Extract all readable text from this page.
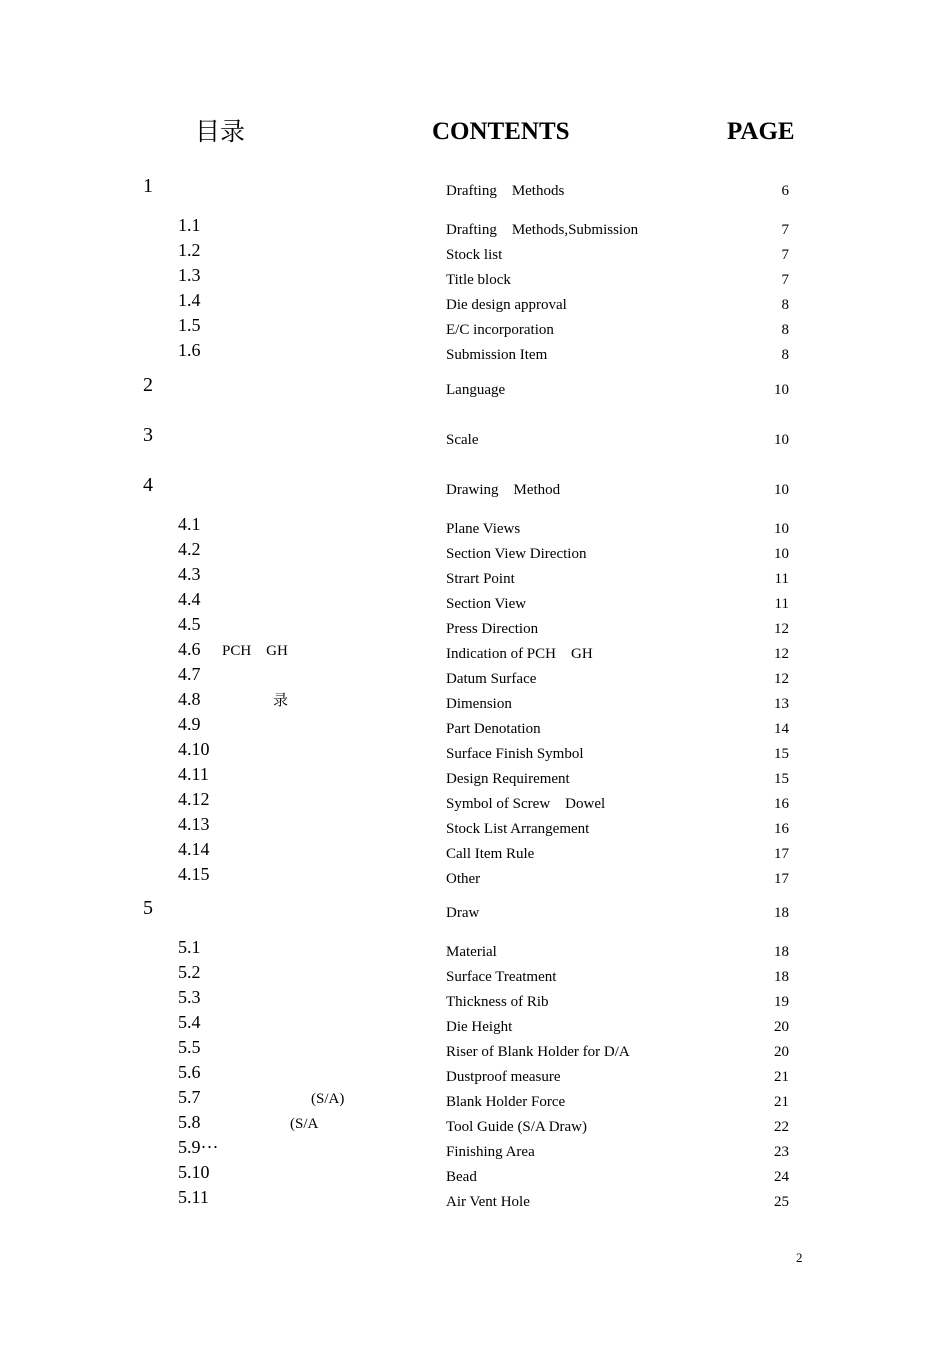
目录	CONTENTS	PAGE
1	Drafting    Methods	6
1.1	Drafting    Methods,Submission	7
1.2	Stock list	7
1.3	Title block	7
1.4	Die design approval	8
1.5	E/C incorporation	8
1.6	Submission Item	8
2	Language	10
3	Scale	10
4	Drawing    Method	10
4.1	Plane Views	10
4.2	Section View Direction	10
4.3	Strart Point	11
4.4	Section View	11
4.5	Press Direction	12
4.6 PCH    GH	Indication of PCH    GH	12
4.7	Datum Surface	12
4.8	录	Dimension	13
4.9	Part Denotation	14
4.10	Surface Finish Symbol	15
4.11	Design Requirement	15
4.12	Symbol of Screw    Dowel	16
4.13	Stock List Arrangement	16
4.14	Call Item Rule	17
4.15	Other	17
5	Draw	18
5.1	Material	18
5.2	Surface Treatment	18
5.3	Thickness of Rib	19
5.4	Die Height	20
5.5	Riser of Blank Holder for D/A	20
5.6	Dustproof measure	21
5.7	(S/A)	Blank Holder Force	21
5.8	(S/A	Tool Guide (S/A Draw)	22
5.9···	Finishing Area	23
5.10	Bead	24
5.11	Air Vent Hole	25
2
